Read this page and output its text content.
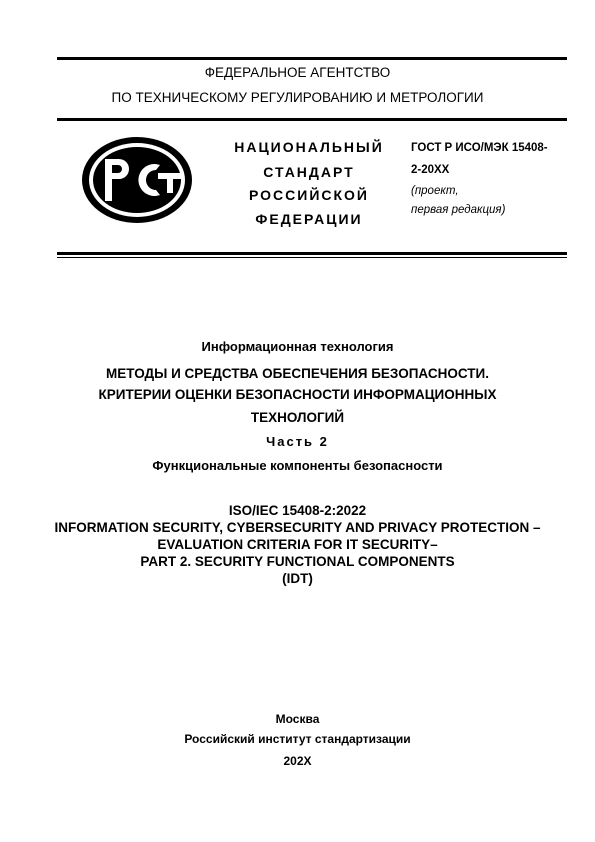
ФЕДЕРАЛЬНОЕ АГЕНТСТВО
ПО ТЕХНИЧЕСКОМУ РЕГУЛИРОВАНИЮ И МЕТРОЛОГИИ
НАЦИОНАЛЬНЫЙ
СТАНДАРТ
РОССИЙСКОЙ
ФЕДЕРАЦИИ
ГОСТ Р ИСО/МЭК 15408-
2-20ХХ
(проект,
первая редакция)
Информационная технология
МЕТОДЫ И СРЕДСТВА ОБЕСПЕЧЕНИЯ БЕЗОПАСНОСТИ.
КРИТЕРИИ ОЦЕНКИ БЕЗОПАСНОСТИ ИНФОРМАЦИОННЫХ
ТЕХНОЛОГИЙ
Часть 2
Функциональные компоненты безопасности
ISO/IEC 15408-2:2022
INFORMATION SECURITY, CYBERSECURITY AND PRIVACY PROTECTION –
EVALUATION CRITERIA FOR IT SECURITY–
PART 2. SECURITY FUNCTIONAL COMPONENTS
(IDT)
Москва
Российский институт стандартизации
202Х
